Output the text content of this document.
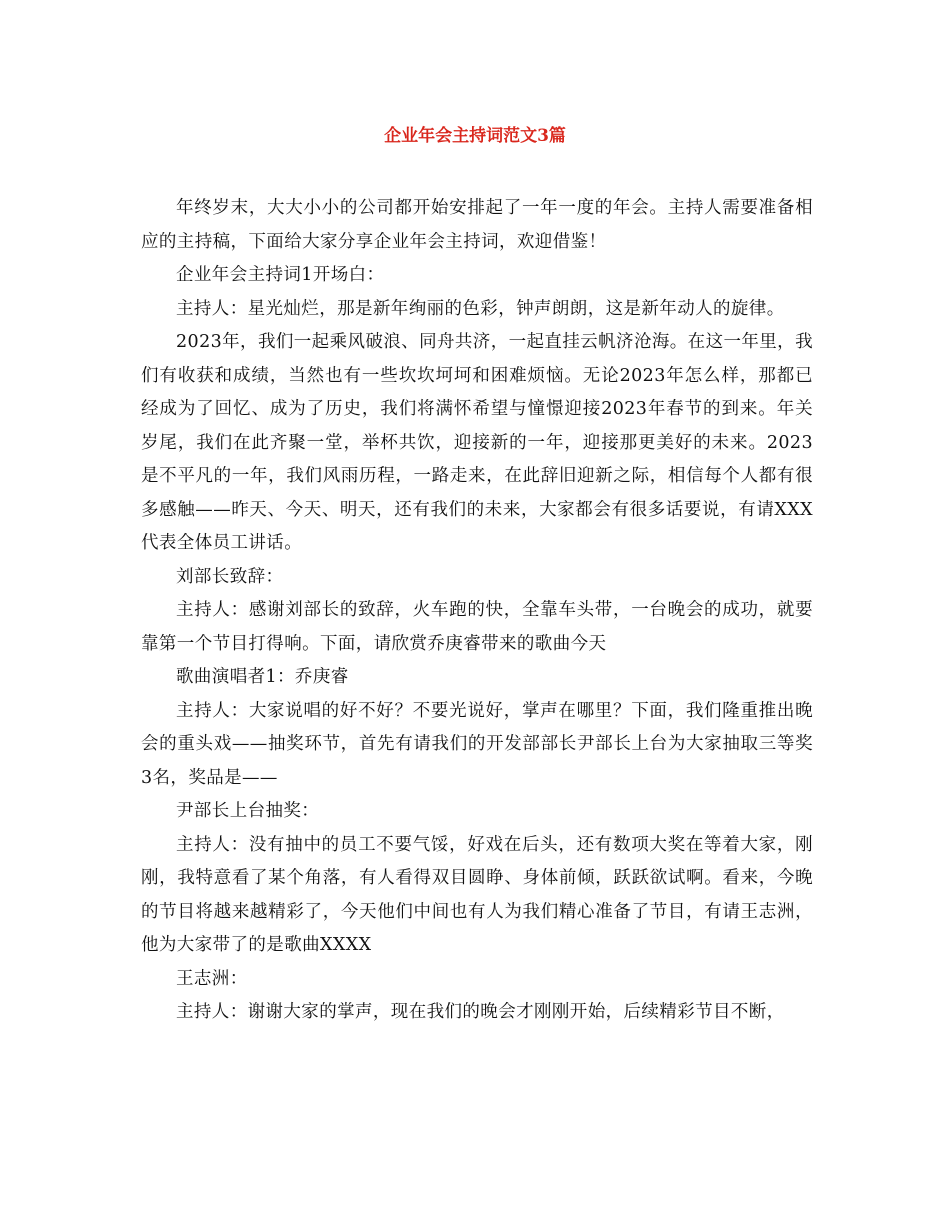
企业年会主持词范文3篇

年终岁末，大大小小的公司都开始安排起了一年一度的年会。主持人需要准备相应的主持稿，下面给大家分享企业年会主持词，欢迎借鉴！

企业年会主持词1开场白：

主持人：星光灿烂，那是新年绚丽的色彩，钟声朗朗，这是新年动人的旋律。

2023年，我们一起乘风破浪、同舟共济，一起直挂云帆济沧海。在这一年里，我们有收获和成绩，当然也有一些坎坎坷坷和困难烦恼。无论2023年怎么样，那都已经成为了回忆、成为了历史，我们将满怀希望与憧憬迎接2023年春节的到来。年关岁尾，我们在此齐聚一堂，举杯共饮，迎接新的一年，迎接那更美好的未来。2023是不平凡的一年，我们风雨历程，一路走来，在此辞旧迎新之际，相信每个人都有很多感触——昨天、今天、明天，还有我们的未来，大家都会有很多话要说，有请XXX代表全体员工讲话。

刘部长致辞：

主持人：感谢刘部长的致辞，火车跑的快，全靠车头带，一台晚会的成功，就要靠第一个节目打得响。下面，请欣赏乔庚睿带来的歌曲今天

歌曲演唱者1：乔庚睿

主持人：大家说唱的好不好？不要光说好，掌声在哪里？下面，我们隆重推出晚会的重头戏——抽奖环节，首先有请我们的开发部部长尹部长上台为大家抽取三等奖3名，奖品是——

尹部长上台抽奖：

主持人：没有抽中的员工不要气馁，好戏在后头，还有数项大奖在等着大家，刚刚，我特意看了某个角落，有人看得双目圆睁、身体前倾，跃跃欲试啊。看来，今晚的节目将越来越精彩了，今天他们中间也有人为我们精心准备了节目，有请王志洲，他为大家带了的是歌曲XXXX

王志洲：

主持人：谢谢大家的掌声，现在我们的晚会才刚刚开始，后续精彩节目不断，
